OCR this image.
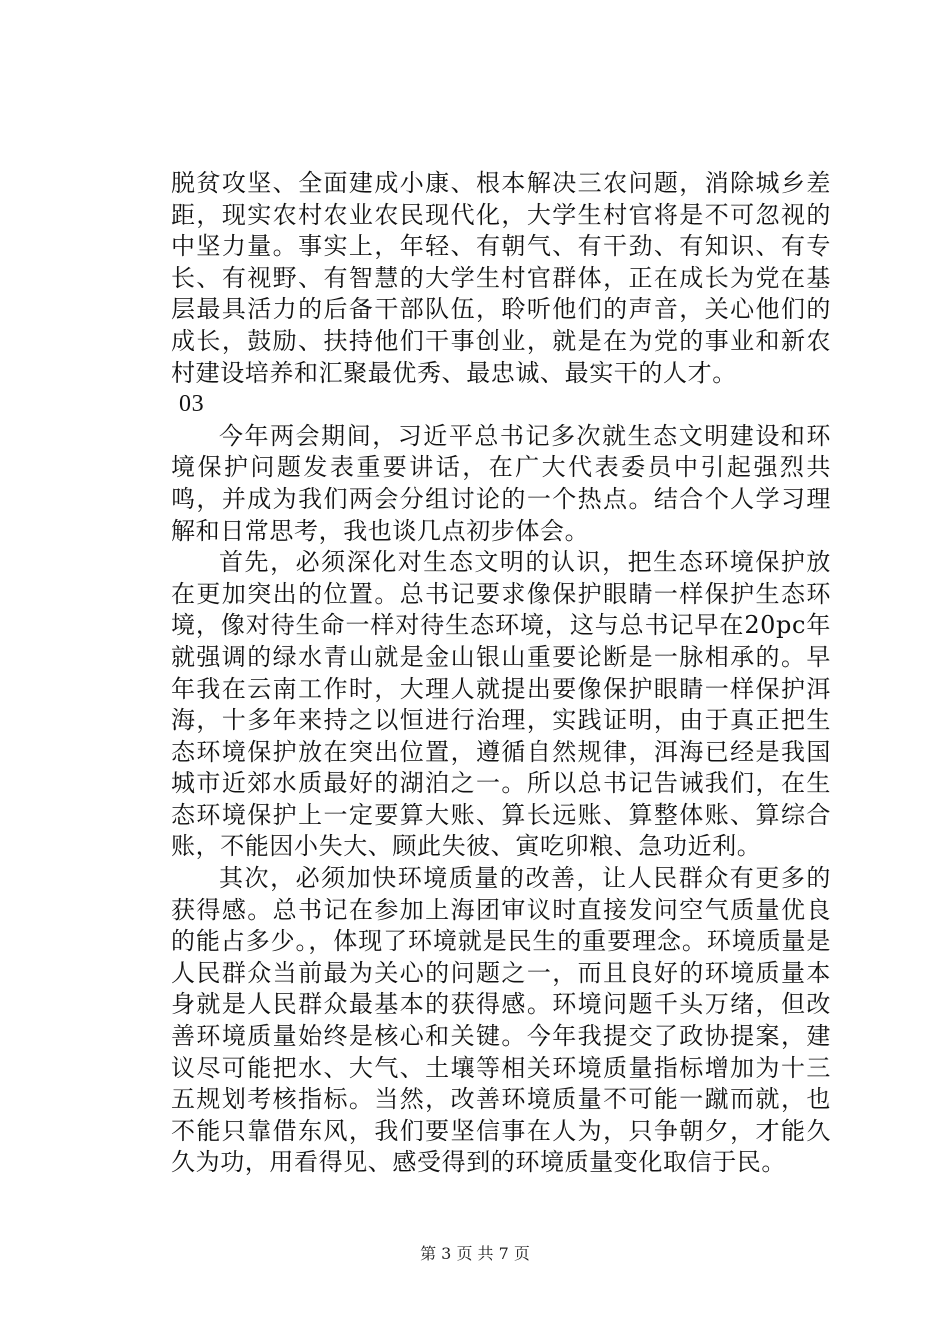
脱贫攻坚、全面建成小康、根本解决三农问题，消除城乡差距，现实农村农业农民现代化，大学生村官将是不可忽视的中坚力量。事实上，年轻、有朝气、有干劲、有知识、有专长、有视野、有智慧的大学生村官群体，正在成长为党在基层最具活力的后备干部队伍，聆听他们的声音，关心他们的成长，鼓励、扶持他们干事创业，就是在为党的事业和新农村建设培养和汇聚最优秀、最忠诚、最实干的人才。

03

今年两会期间，习近平总书记多次就生态文明建设和环境保护问题发表重要讲话，在广大代表委员中引起强烈共鸣，并成为我们两会分组讨论的一个热点。结合个人学习理解和日常思考，我也谈几点初步体会。

首先，必须深化对生态文明的认识，把生态环境保护放在更加突出的位置。总书记要求像保护眼睛一样保护生态环境，像对待生命一样对待生态环境，这与总书记早在20pc年就强调的绿水青山就是金山银山重要论断是一脉相承的。早年我在云南工作时，大理人就提出要像保护眼睛一样保护洱海，十多年来持之以恒进行治理，实践证明，由于真正把生态环境保护放在突出位置，遵循自然规律，洱海已经是我国城市近郊水质最好的湖泊之一。所以总书记告诫我们，在生态环境保护上一定要算大账、算长远账、算整体账、算综合账，不能因小失大、顾此失彼、寅吃卯粮、急功近利。

其次，必须加快环境质量的改善，让人民群众有更多的获得感。总书记在参加上海团审议时直接发问空气质量优良的能占多少。，体现了环境就是民生的重要理念。环境质量是人民群众当前最为关心的问题之一，而且良好的环境质量本身就是人民群众最基本的获得感。环境问题千头万绪，但改善环境质量始终是核心和关键。今年我提交了政协提案，建议尽可能把水、大气、土壤等相关环境质量指标增加为十三五规划考核指标。当然，改善环境质量不可能一蹴而就，也不能只靠借东风，我们要坚信事在人为，只争朝夕，才能久久为功，用看得见、感受得到的环境质量变化取信于民。

第 3 页 共 7 页
